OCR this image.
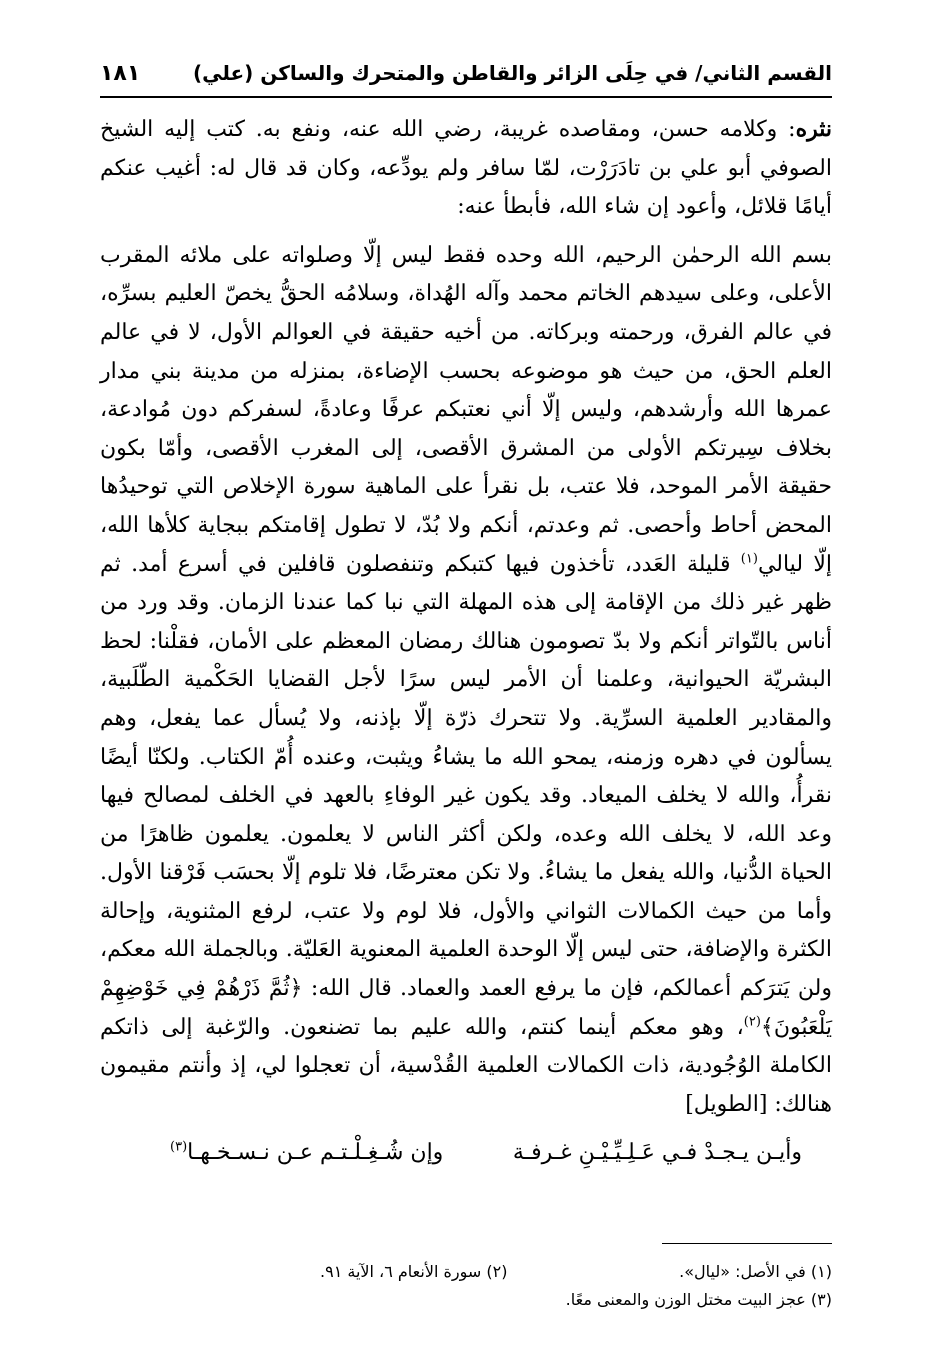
القسم الثاني/ في حِلَى الزائر والقاطن والمتحرك والساكن (علي)
١٨١

نثره: وكلامه حسن، ومقاصده غريبة، رضي الله عنه، ونفع به. كتب إليه الشيخ الصوفي أبو علي بن تادَرَرْت، لمّا سافر ولم يودِّعه، وكان قد قال له: أغيب عنكم أيامًا قلائل، وأعود إن شاء الله، فأبطأ عنه:

بسم الله الرحمٰن الرحيم، الله وحده فقط ليس إلّا وصلواته على ملائه المقرب الأعلى، وعلى سيدهم الخاتم محمد وآله الهُداة، وسلامُه الحقُّ يخصّ العليم بسرِّه، في عالم الفرق، ورحمته وبركاته. من أخيه حقيقة في العوالم الأول، لا في عالم العلم الحق، من حيث هو موضوعه بحسب الإضاءة، بمنزله من مدينة بني مدار عمرها الله وأرشدهم، وليس إلّا أني نعتبكم عرفًا وعادةً، لسفركم دون مُوادعة، بخلاف سِيرتكم الأولى من المشرق الأقصى، إلى المغرب الأقصى، وأمّا بكون حقيقة الأمر الموحد، فلا عتب، بل نقرأ على الماهية سورة الإخلاص التي توحيدُها المحض أحاط وأحصى. ثم وعدتم، أنكم ولا بُدّ، لا تطول إقامتكم ببجاية كلأها الله، إلّا ليالي$^{(١)}$ قليلة العَدد، تأخذون فيها كتبكم وتنفصلون قافلين في أسرع أمد. ثم ظهر غير ذلك من الإقامة إلى هذه المهلة التي نبا كما عندنا الزمان. وقد ورد من أناس بالتّواتر أنكم ولا بدّ تصومون هنالك رمضان المعظم على الأمان، فقلْنا: لحظ البشريّة الحيوانية، وعلمنا أن الأمر ليس سرًا لأجل القضايا الحَكْمية الطّلَبية، والمقادير العلمية السرِّية. ولا تتحرك ذرّة إلّا بإذنه، ولا يُسأل عما يفعل، وهم يسألون في دهره وزمنه، يمحو الله ما يشاءُ ويثبت، وعنده أُمّ الكتاب. ولكنّا أيضًا نقرأُ، والله لا يخلف الميعاد. وقد يكون غير الوفاءِ بالعهد في الخلف لمصالح فيها وعد الله، لا يخلف الله وعده، ولكن أكثر الناس لا يعلمون. يعلمون ظاهرًا من الحياة الدُّنيا، والله يفعل ما يشاءُ. ولا تكن معترضًا، فلا تلوم إلّا بحسَب فَرْقنا الأول. وأما من حيث الكمالات الثواني والأول، فلا لوم ولا عتب، لرفع المثنوية، وإحالة الكثرة والإضافة، حتى ليس إلّا الوحدة العلمية المعنوية العَليّة. وبالجملة الله معكم، ولن يَترَكم أعمالكم، فإن ما يرفع العمد والعماد. قال الله: ﴿ثُمَّ ذَرْهُمْ فِي خَوْضِهِمْ يَلْعَبُونَ﴾$^{(٢)}$، وهو معكم أينما كنتم، والله عليم بما تضنعون. والرّغبة إلى ذاتكم الكاملة الوُجُودية، ذات الكمالات العلمية القُدْسية، أن تعجلوا لي، إذ وأنتم مقيمون هنالك: [الطويل]

وأيـن يـجـدْ فـي عَـلِـيِّـيْـنِ غـرفـة
وإن شُـغِـلْـتـم عـن نـسـخـهـا$^{(٣)}$
(١) في الأصل: «ليال».
(٢) سورة الأنعام ٦، الآية ٩١.
(٣) عجز البيت مختل الوزن والمعنى معًا.
